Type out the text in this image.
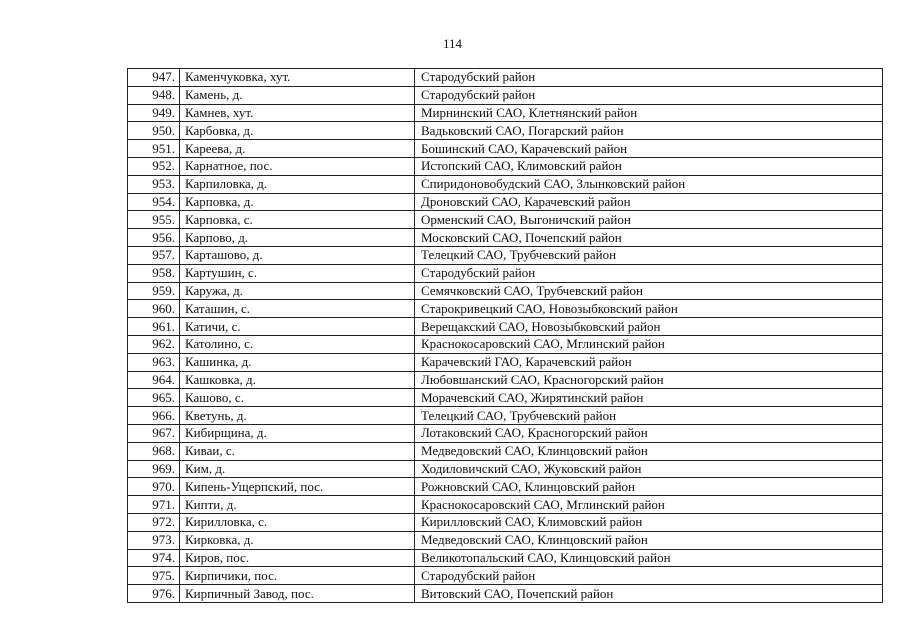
114
947.	Каменчуковка, хут.	Стародубский район
948.	Камень, д.	Стародубский район
949.	Камнев, хут.	Мирнинский САО, Клетнянский район
950.	Карбовка, д.	Вадьковский САО, Погарский район
951.	Кареева, д.	Бошинский САО, Карачевский район
952.	Карнатное, пос.	Истопский САО, Климовский район
953.	Карпиловка, д.	Спиридоновобудский САО, Злынковский район
954.	Карповка, д.	Дроновский САО, Карачевский район
955.	Карповка, с.	Орменский САО, Выгоничский район
956.	Карпово, д.	Московский САО, Почепский район
957.	Карташово, д.	Телецкий САО, Трубчевский район
958.	Картушин, с.	Стародубский район
959.	Каружа, д.	Семячковский САО, Трубчевский район
960.	Каташин, с.	Старокривецкий САО, Новозыбковский район
961.	Катичи, с.	Верещакский САО, Новозыбковский район
962.	Католино, с.	Краснокосаровский САО, Мглинский район
963.	Кашинка, д.	Карачевский ГАО, Карачевский район
964.	Кашковка, д.	Любовшанский САО, Красногорский район
965.	Кашово, с.	Морачевский САО, Жирятинский район
966.	Кветунь, д.	Телецкий САО, Трубчевский район
967.	Кибирщина, д.	Лотаковский САО, Красногорский район
968.	Киваи, с.	Медведовский САО, Клинцовский район
969.	Ким, д.	Ходиловичский САО, Жуковский район
970.	Кипень-Ущерпский, пос.	Рожновский САО, Клинцовский район
971.	Кипти, д.	Краснокосаровский САО, Мглинский район
972.	Кирилловка, с.	Кирилловский САО, Климовский район
973.	Кирковка, д.	Медведовский САО, Клинцовский район
974.	Киров, пос.	Великотопальский САО, Клинцовский район
975.	Кирпичики, пос.	Стародубский район
976.	Кирпичный Завод, пос.	Витовский САО, Почепский район
